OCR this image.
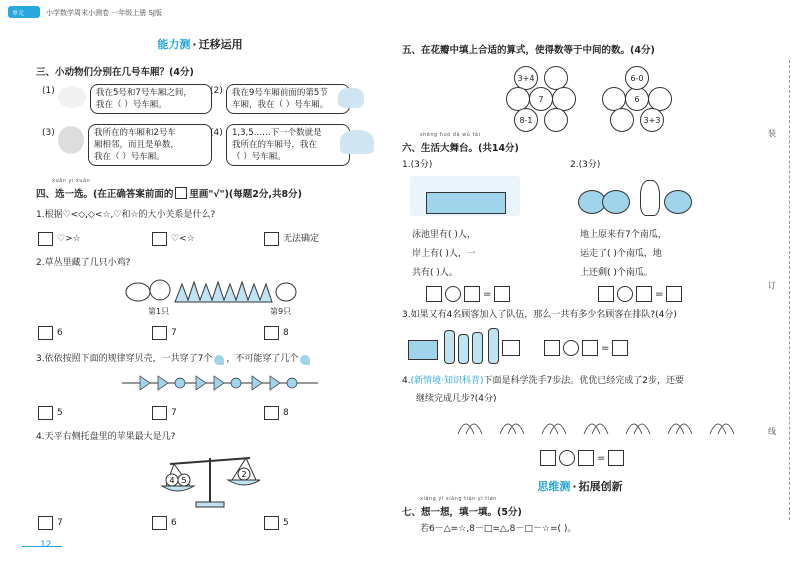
单元	小学数学周末小测卷 一年级上册 SJ版
能力测 · 迁移运用
三、小动物们分别在几号车厢？(4分)
(1)	我在5号和7号车厢之间，
我在（ ）号车厢。
(2) 我在9号车厢前面的第5节
车厢，我在（ ）号车厢。
(3)	我所在的车厢和2号车
厢相邻，而且是单数，
我在（ ）号车厢。
(4) 1,3,5……下一个数就是
我所在的车厢号，我在
（ ）号车厢。
xuǎn yi xuǎn
四、选一选。(在正确答案前面的 里画"√")(每题2分,共8分)
1.根据♡<◇,◇<☆,♡和☆的大小关系是什么?
♡>☆	♡<☆	无法确定
2.草丛里藏了几只小鸡?
第1只	第9只
6	7	8
3.依依按照下面的规律穿贝壳，一共穿了7个 ，不可能穿了几个
5	7	8
4.天平右侧托盘里的苹果最大是几?
4 5
2
7	6	5
12
五、在花瓣中填上合适的算式，使得数等于中间的数。(4分)
7
3+4
8-1
6
6-0
3+3
shēng huó dà wǔ tái
六、生活大舞台。(共14分)
1.(3分)
泳池里有( )人，
岸上有( )人，一
共有( )人。
=
2.(3分)
地上原来有7个南瓜，
运走了( )个南瓜，地
上还剩( )个南瓜。
=
3.如果又有4名顾客加入了队伍，那么一共有多少名顾客在排队?(4分)
=
4. (新情境·知识科普) 下面是科学洗手7步法。优优已经完成了2步，还要
继续完成几步?(4分)
=
思维测 · 拓展创新
xiǎng yi xiǎng tián yi tián
七、想一想，填一填。(5分)
若6－△=☆,8－□=△,8－□－☆=( )。
装
订
线
